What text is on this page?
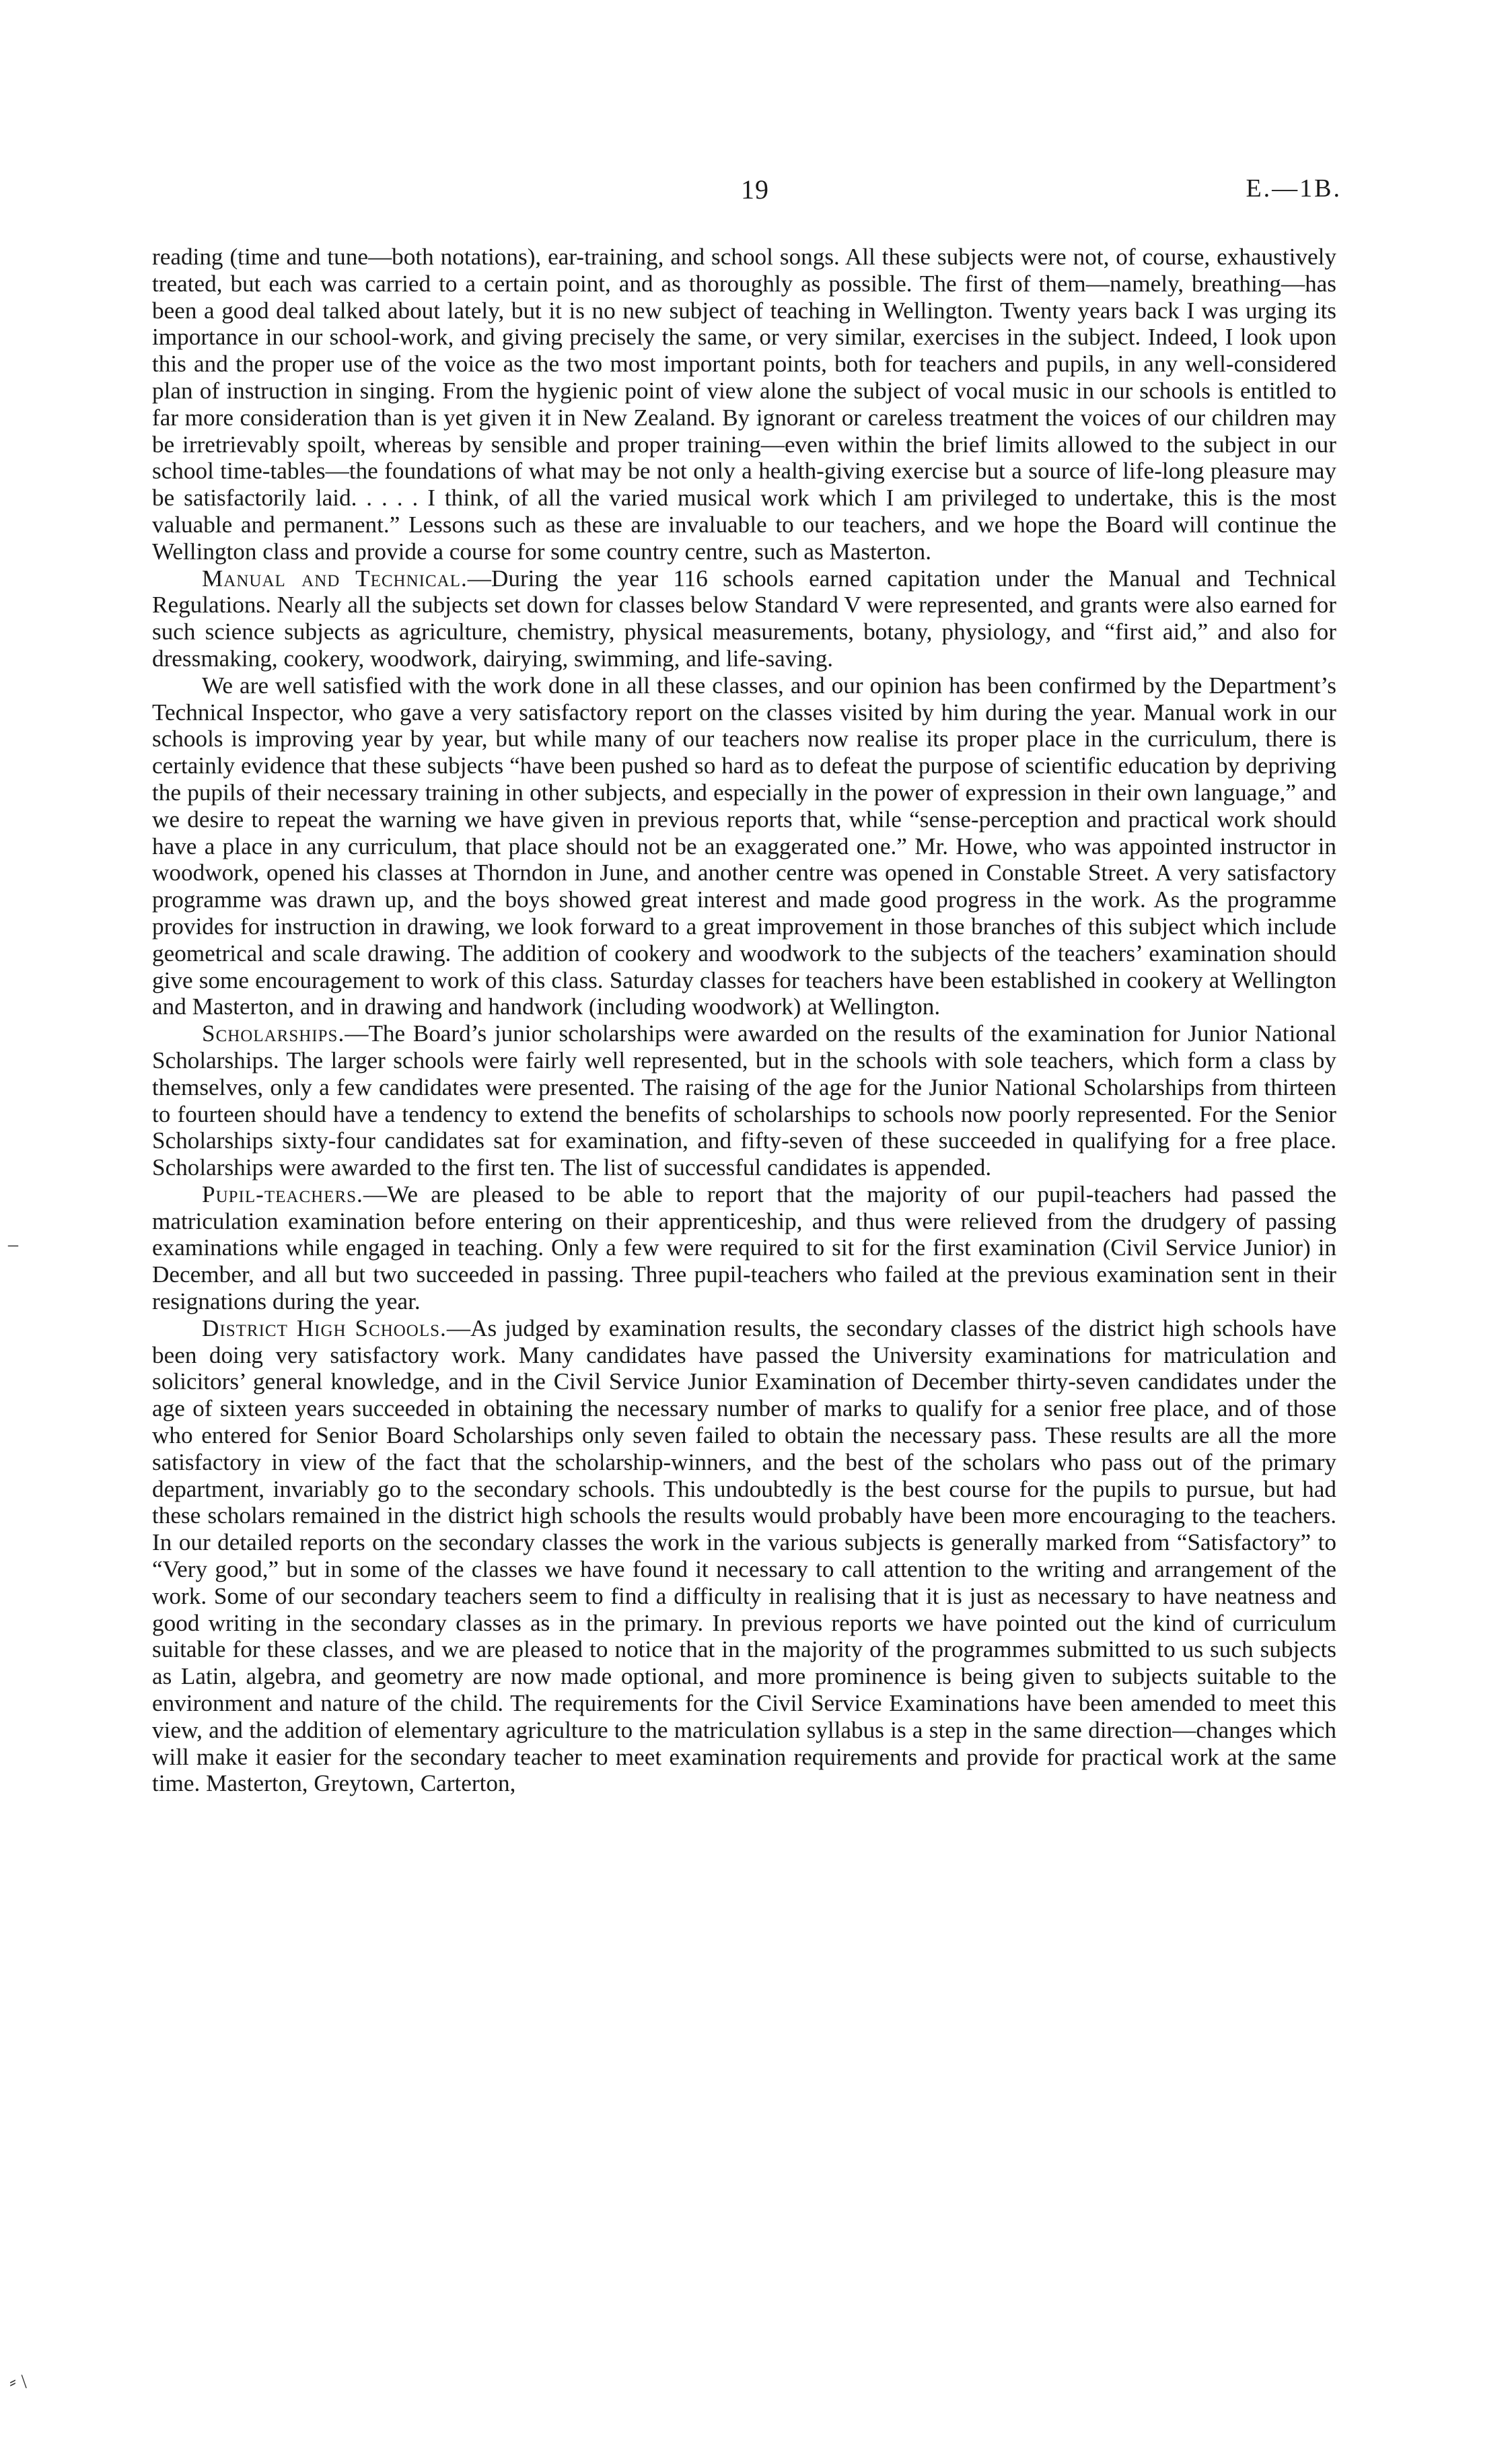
19	E.—1B.
–
⸗ \

reading (time and tune—both notations), ear-training, and school songs. All these subjects were not, of course, exhaustively treated, but each was carried to a certain point, and as thoroughly as possible. The first of them—namely, breathing—has been a good deal talked about lately, but it is no new subject of teaching in Wellington. Twenty years back I was urging its importance in our school-work, and giving precisely the same, or very similar, exercises in the subject. Indeed, I look upon this and the proper use of the voice as the two most important points, both for teachers and pupils, in any well-considered plan of instruction in singing. From the hygienic point of view alone the subject of vocal music in our schools is entitled to far more consideration than is yet given it in New Zealand. By ignorant or careless treatment the voices of our children may be irretrievably spoilt, whereas by sensible and proper training—even within the brief limits allowed to the subject in our school time-tables—the foundations of what may be not only a health-giving exercise but a source of life-long pleasure may be satisfactorily laid. . . . . I think, of all the varied musical work which I am privileged to undertake, this is the most valuable and permanent.” Lessons such as these are invaluable to our teachers, and we hope the Board will continue the Wellington class and provide a course for some country centre, such as Masterton.

Manual and Technical.—During the year 116 schools earned capitation under the Manual and Technical Regulations. Nearly all the subjects set down for classes below Standard V were represented, and grants were also earned for such science subjects as agriculture, chemistry, physical measurements, botany, physiology, and “first aid,” and also for dressmaking, cookery, woodwork, dairying, swimming, and life-saving.

We are well satisfied with the work done in all these classes, and our opinion has been confirmed by the Department’s Technical Inspector, who gave a very satisfactory report on the classes visited by him during the year. Manual work in our schools is improving year by year, but while many of our teachers now realise its proper place in the curriculum, there is certainly evidence that these subjects “have been pushed so hard as to defeat the purpose of scientific education by depriving the pupils of their necessary training in other subjects, and especially in the power of expression in their own language,” and we desire to repeat the warning we have given in previous reports that, while “sense-perception and practical work should have a place in any curriculum, that place should not be an exaggerated one.” Mr. Howe, who was appointed instructor in woodwork, opened his classes at Thorndon in June, and another centre was opened in Constable Street. A very satisfactory programme was drawn up, and the boys showed great interest and made good progress in the work. As the programme provides for instruction in drawing, we look forward to a great improvement in those branches of this subject which include geometrical and scale drawing. The addition of cookery and woodwork to the subjects of the teachers’ examination should give some encouragement to work of this class. Saturday classes for teachers have been established in cookery at Wellington and Masterton, and in drawing and handwork (including woodwork) at Wellington.

Scholarships.—The Board’s junior scholarships were awarded on the results of the examination for Junior National Scholarships. The larger schools were fairly well represented, but in the schools with sole teachers, which form a class by themselves, only a few candidates were presented. The raising of the age for the Junior National Scholarships from thirteen to fourteen should have a tendency to extend the benefits of scholarships to schools now poorly represented. For the Senior Scholarships sixty-four candidates sat for examination, and fifty-seven of these succeeded in qualifying for a free place. Scholarships were awarded to the first ten. The list of successful candidates is appended.

Pupil-teachers.—We are pleased to be able to report that the majority of our pupil-teachers had passed the matriculation examination before entering on their apprenticeship, and thus were relieved from the drudgery of passing examinations while engaged in teaching. Only a few were required to sit for the first examination (Civil Service Junior) in December, and all but two succeeded in passing. Three pupil-teachers who failed at the previous examination sent in their resignations during the year.

District High Schools.—As judged by examination results, the secondary classes of the district high schools have been doing very satisfactory work. Many candidates have passed the University examinations for matriculation and solicitors’ general knowledge, and in the Civil Service Junior Examination of December thirty-seven candidates under the age of sixteen years succeeded in obtaining the necessary number of marks to qualify for a senior free place, and of those who entered for Senior Board Scholarships only seven failed to obtain the necessary pass. These results are all the more satisfactory in view of the fact that the scholarship-winners, and the best of the scholars who pass out of the primary department, invariably go to the secondary schools. This undoubtedly is the best course for the pupils to pursue, but had these scholars remained in the district high schools the results would probably have been more encouraging to the teachers. In our detailed reports on the secondary classes the work in the various subjects is generally marked from “Satisfactory” to “Very good,” but in some of the classes we have found it necessary to call attention to the writing and arrangement of the work. Some of our secondary teachers seem to find a difficulty in realising that it is just as necessary to have neatness and good writing in the secondary classes as in the primary. In previous reports we have pointed out the kind of curriculum suitable for these classes, and we are pleased to notice that in the majority of the programmes submitted to us such subjects as Latin, algebra, and geometry are now made optional, and more prominence is being given to subjects suitable to the environment and nature of the child. The requirements for the Civil Service Examinations have been amended to meet this view, and the addition of elementary agriculture to the matriculation syllabus is a step in the same direction—changes which will make it easier for the secondary teacher to meet examination requirements and provide for practical work at the same time. Masterton, Greytown, Carterton,
